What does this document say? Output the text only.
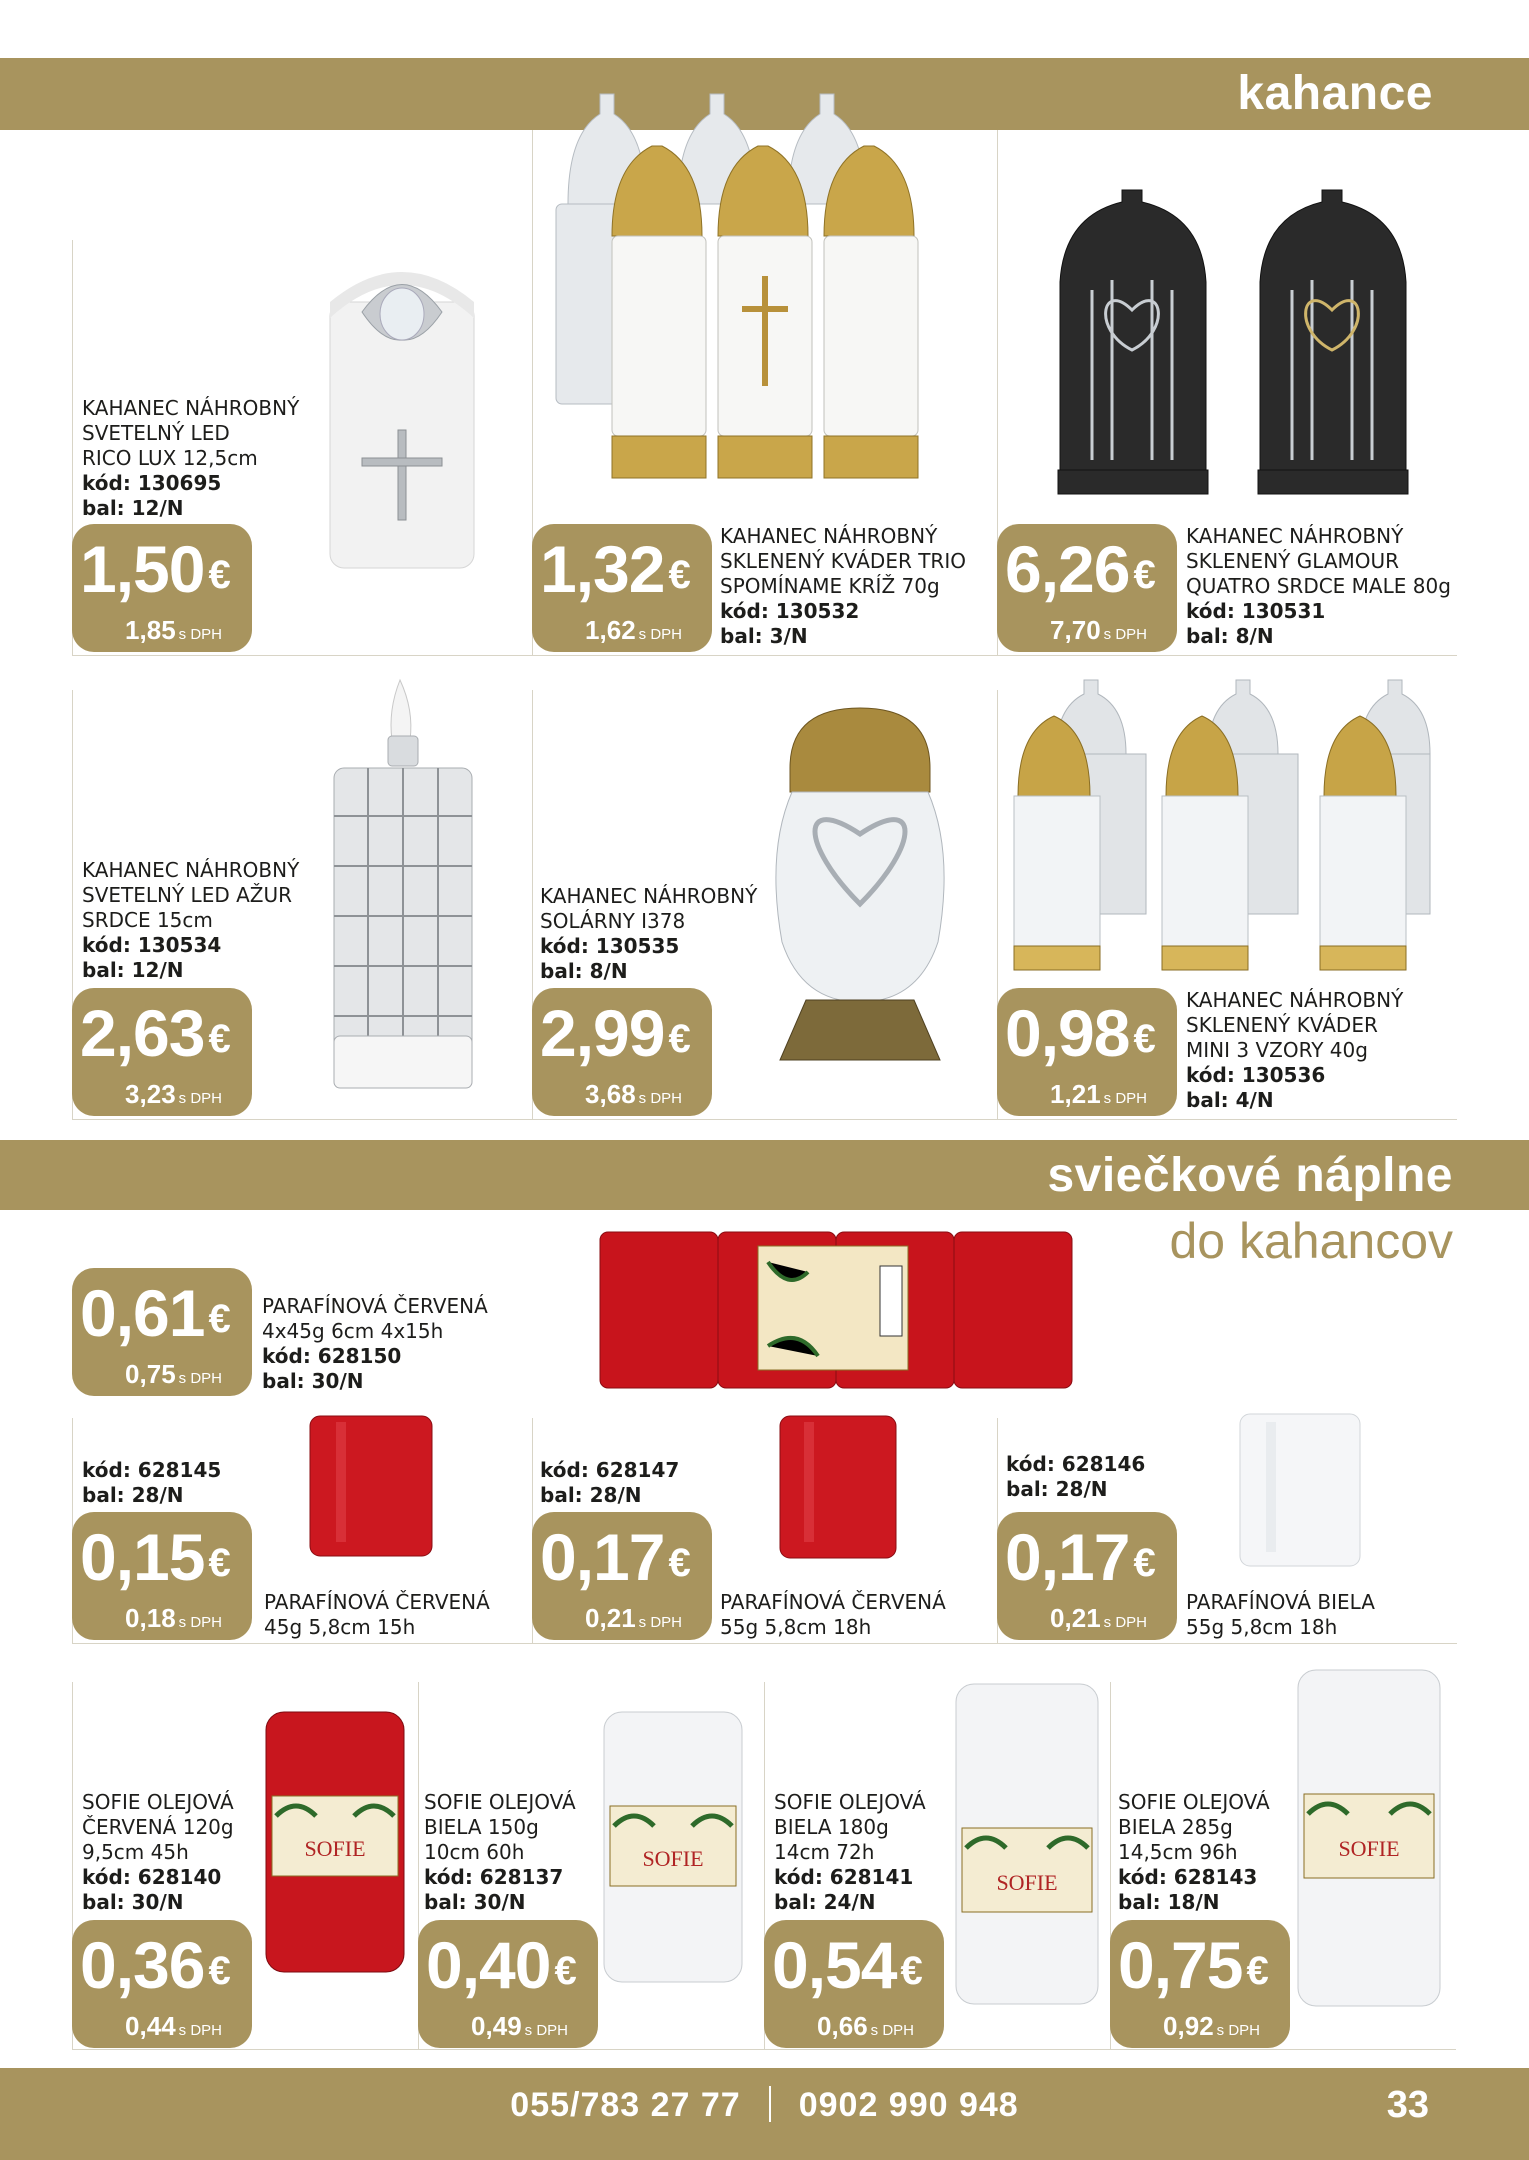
kahance
KAHANEC NÁHROBNÝ
SVETELNÝ LED
RICO LUX 12,5cm
kód: 130695
bal: 12/N
1,50 €
1,85 s DPH
KAHANEC NÁHROBNÝ
SKLENENÝ KVÁDER TRIO
SPOMÍNAME KRÍŽ 70g
kód: 130532
bal: 3/N
1,32 €
1,62 s DPH
KAHANEC NÁHROBNÝ
SKLENENÝ GLAMOUR
QUATRO SRDCE MALE 80g
kód: 130531
bal: 8/N
6,26 €
7,70 s DPH
KAHANEC NÁHROBNÝ
SVETELNÝ LED AŽUR
SRDCE 15cm
kód: 130534
bal: 12/N
2,63 €
3,23 s DPH
KAHANEC NÁHROBNÝ
SOLÁRNY I378
kód: 130535
bal: 8/N
2,99 €
3,68 s DPH
KAHANEC NÁHROBNÝ
SKLENENÝ KVÁDER
MINI 3 VZORY 40g
kód: 130536
bal: 4/N
0,98 €
1,21 s DPH
sviečkové náplne
do kahancov
0,61 €
0,75 s DPH
PARAFÍNOVÁ ČERVENÁ
4x45g 6cm 4x15h
kód: 628150
bal: 30/N
kód: 628145
bal: 28/N
0,15 €
0,18 s DPH
PARAFÍNOVÁ ČERVENÁ
45g 5,8cm 15h
kód: 628147
bal: 28/N
0,17 €
0,21 s DPH
PARAFÍNOVÁ ČERVENÁ
55g 5,8cm 18h
kód: 628146
bal: 28/N
0,17 €
0,21 s DPH
PARAFÍNOVÁ BIELA
55g 5,8cm 18h
SOFIE	SOFIE
SOFIE
SOFIE
SOFIE OLEJOVÁ
ČERVENÁ 120g
9,5cm 45h
kód: 628140
bal: 30/N
0,36 €
0,44 s DPH
SOFIE OLEJOVÁ
BIELA 150g
10cm 60h
kód: 628137
bal: 30/N
0,40 €
0,49 s DPH
SOFIE OLEJOVÁ
BIELA 180g
14cm 72h
kód: 628141
bal: 24/N
0,54 €
0,66 s DPH
SOFIE OLEJOVÁ
BIELA 285g
14,5cm 96h
kód: 628143
bal: 18/N
0,75 €
0,92 s DPH
055/783 27 77 0902 990 948	33
